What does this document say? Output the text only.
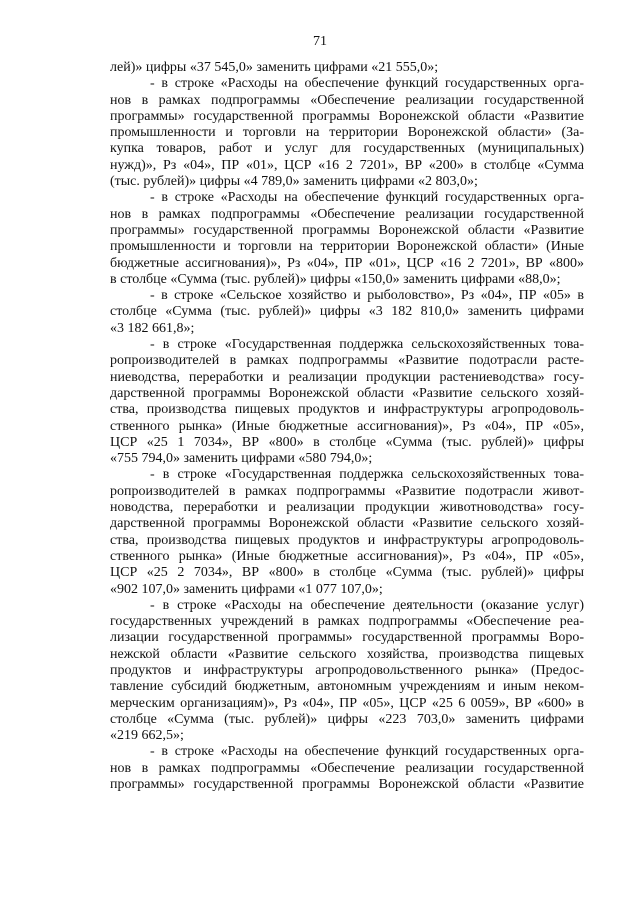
71
лей)» цифры «37 545,0» заменить цифрами «21 555,0»;
- в строке «Расходы на обеспечение функций государственных орга-
нов в рамках подпрограммы «Обеспечение реализации государственной
программы» государственной программы Воронежской области «Развитие
промышленности и торговли на территории Воронежской области» (За-
купка товаров, работ и услуг для государственных (муниципальных)
нужд)», Рз «04», ПР «01», ЦСР «16 2 7201», ВР «200» в столбце «Сумма
(тыс. рублей)» цифры «4 789,0» заменить цифрами «2 803,0»;
- в строке «Расходы на обеспечение функций государственных орга-
нов в рамках подпрограммы «Обеспечение реализации государственной
программы» государственной программы Воронежской области «Развитие
промышленности и торговли на территории Воронежской области» (Иные
бюджетные ассигнования)», Рз «04», ПР «01», ЦСР «16 2 7201», ВР «800»
в столбце «Сумма (тыс. рублей)» цифры «150,0» заменить цифрами «88,0»;
- в строке «Сельское хозяйство и рыболовство», Рз «04», ПР «05» в
столбце «Сумма (тыс. рублей)» цифры «3 182 810,0» заменить цифрами
«3 182 661,8»;
- в строке «Государственная поддержка сельскохозяйственных това-
ропроизводителей в рамках подпрограммы «Развитие подотрасли расте-
ниеводства, переработки и реализации продукции растениеводства» госу-
дарственной программы Воронежской области «Развитие сельского хозяй-
ства, производства пищевых продуктов и инфраструктуры агропродоволь-
ственного рынка» (Иные бюджетные ассигнования)», Рз «04», ПР «05»,
ЦСР «25 1 7034», ВР «800» в столбце «Сумма (тыс. рублей)» цифры
«755 794,0» заменить цифрами «580 794,0»;
- в строке «Государственная поддержка сельскохозяйственных това-
ропроизводителей в рамках подпрограммы «Развитие подотрасли живот-
новодства, переработки и реализации продукции животноводства» госу-
дарственной программы Воронежской области «Развитие сельского хозяй-
ства, производства пищевых продуктов и инфраструктуры агропродоволь-
ственного рынка» (Иные бюджетные ассигнования)», Рз «04», ПР «05»,
ЦСР «25 2 7034», ВР «800» в столбце «Сумма (тыс. рублей)» цифры
«902 107,0» заменить цифрами «1 077 107,0»;
- в строке «Расходы на обеспечение деятельности (оказание услуг)
государственных учреждений в рамках подпрограммы «Обеспечение реа-
лизации государственной программы» государственной программы Воро-
нежской области «Развитие сельского хозяйства, производства пищевых
продуктов и инфраструктуры агропродовольственного рынка» (Предос-
тавление субсидий бюджетным, автономным учреждениям и иным неком-
мерческим организациям)», Рз «04», ПР «05», ЦСР «25 6 0059», ВР «600» в
столбце «Сумма (тыс. рублей)» цифры «223 703,0» заменить цифрами
«219 662,5»;
- в строке «Расходы на обеспечение функций государственных орга-
нов в рамках подпрограммы «Обеспечение реализации государственной
программы» государственной программы Воронежской области «Развитие
